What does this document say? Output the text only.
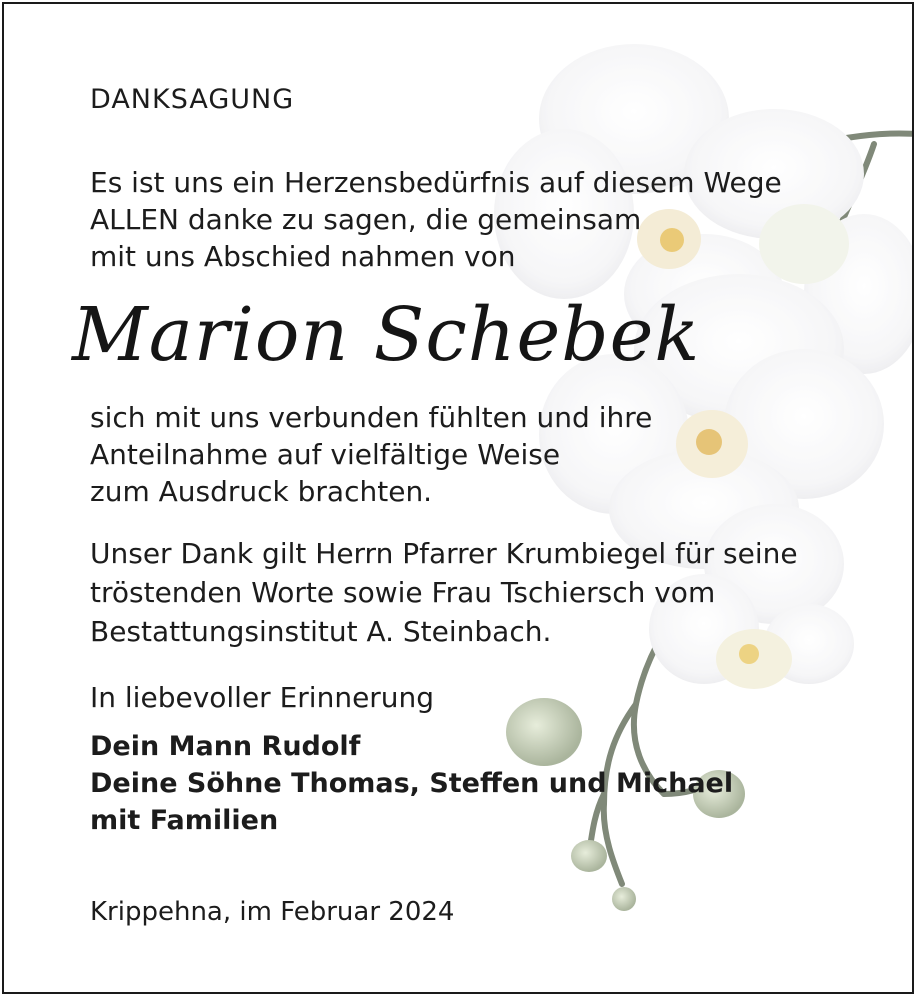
DANKSAGUNG

Es ist uns ein Herzensbedürfnis auf diesem Wege
ALLEN danke zu sagen, die gemeinsam
mit uns Abschied nahmen von

Marion Schebek

sich mit uns verbunden fühlten und ihre
Anteilnahme auf vielfältige Weise
zum Ausdruck brachten.
Unser Dank gilt Herrn Pfarrer Krumbiegel für seine
tröstenden Worte sowie Frau Tschiersch vom
Bestattungsinstitut A. Steinbach.

In liebevoller Erinnerung

Dein Mann Rudolf
Deine Söhne Thomas, Steffen und Michael
mit Familien

Krippehna, im Februar 2024
